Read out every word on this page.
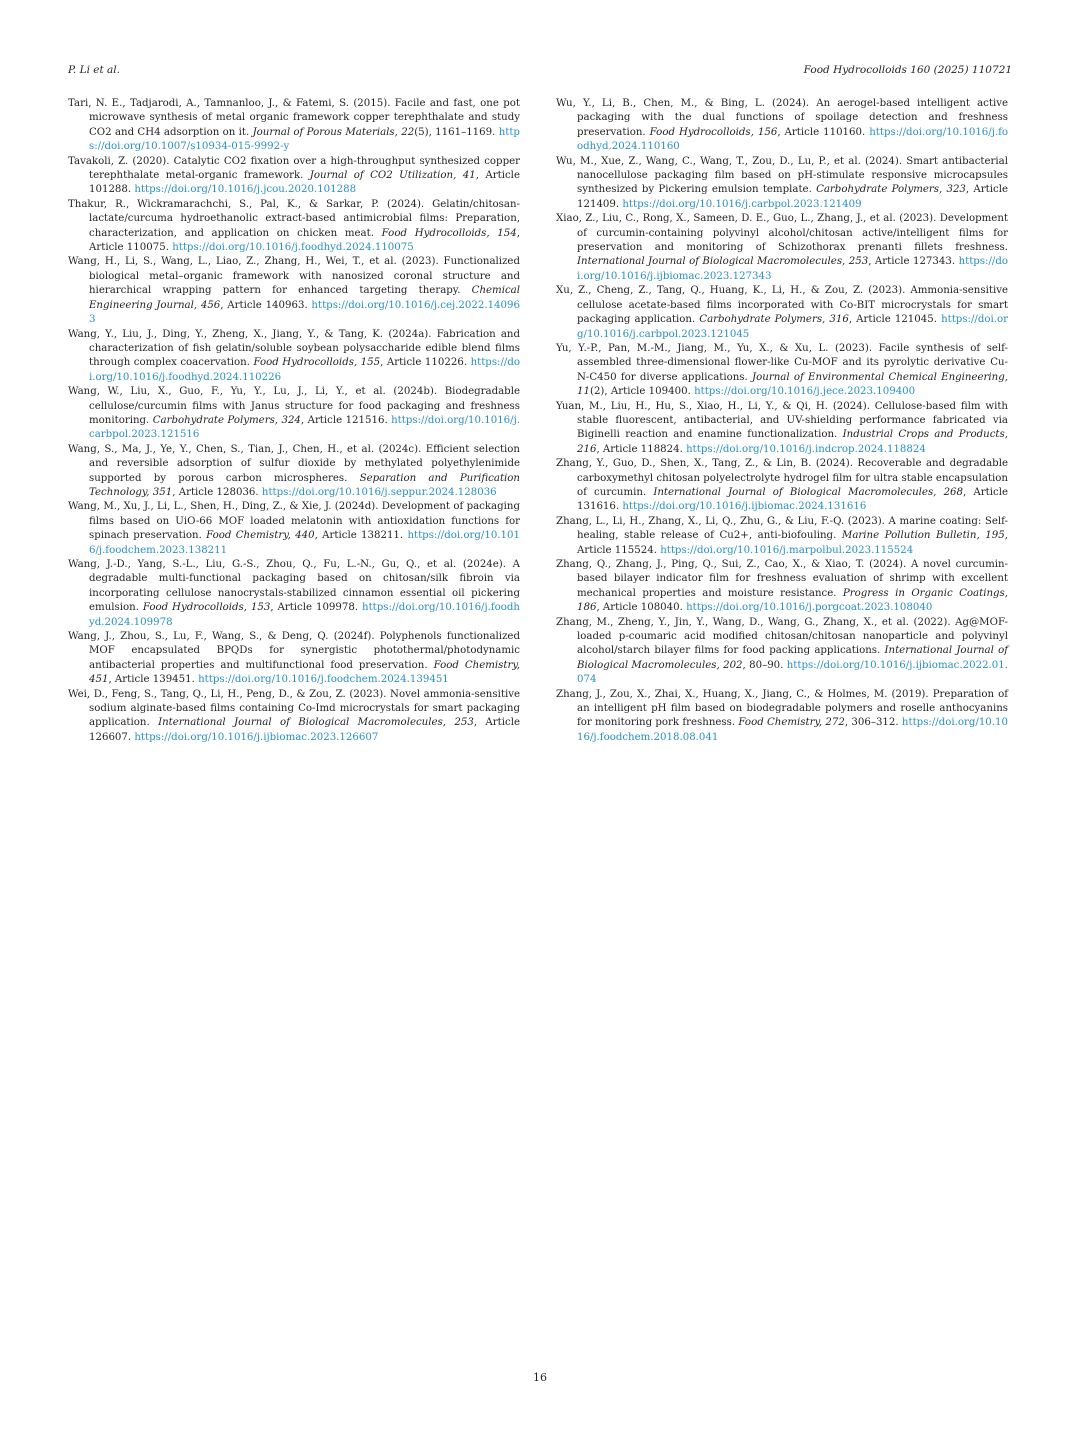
P. Li et al.	Food Hydrocolloids 160 (2025) 110721
Tari, N. E., Tadjarodi, A., Tamnanloo, J., & Fatemi, S. (2015). Facile and fast, one pot microwave synthesis of metal organic framework copper terephthalate and study CO2 and CH4 adsorption on it. Journal of Porous Materials, 22(5), 1161–1169. https://doi.org/10.1007/s10934-015-9992-y
Tavakoli, Z. (2020). Catalytic CO2 fixation over a high-throughput synthesized copper terephthalate metal-organic framework. Journal of CO2 Utilization, 41, Article 101288. https://doi.org/10.1016/j.jcou.2020.101288
Thakur, R., Wickramarachchi, S., Pal, K., & Sarkar, P. (2024). Gelatin/chitosan-lactate/curcuma hydroethanolic extract-based antimicrobial films: Preparation, characterization, and application on chicken meat. Food Hydrocolloids, 154, Article 110075. https://doi.org/10.1016/j.foodhyd.2024.110075
Wang, H., Li, S., Wang, L., Liao, Z., Zhang, H., Wei, T., et al. (2023). Functionalized biological metal–organic framework with nanosized coronal structure and hierarchical wrapping pattern for enhanced targeting therapy. Chemical Engineering Journal, 456, Article 140963. https://doi.org/10.1016/j.cej.2022.140963
Wang, Y., Liu, J., Ding, Y., Zheng, X., Jiang, Y., & Tang, K. (2024a). Fabrication and characterization of fish gelatin/soluble soybean polysaccharide edible blend films through complex coacervation. Food Hydrocolloids, 155, Article 110226. https://doi.org/10.1016/j.foodhyd.2024.110226
Wang, W., Liu, X., Guo, F., Yu, Y., Lu, J., Li, Y., et al. (2024b). Biodegradable cellulose/curcumin films with Janus structure for food packaging and freshness monitoring. Carbohydrate Polymers, 324, Article 121516. https://doi.org/10.1016/j.carbpol.2023.121516
Wang, S., Ma, J., Ye, Y., Chen, S., Tian, J., Chen, H., et al. (2024c). Efficient selection and reversible adsorption of sulfur dioxide by methylated polyethylenimide supported by porous carbon microspheres. Separation and Purification Technology, 351, Article 128036. https://doi.org/10.1016/j.seppur.2024.128036
Wang, M., Xu, J., Li, L., Shen, H., Ding, Z., & Xie, J. (2024d). Development of packaging films based on UiO-66 MOF loaded melatonin with antioxidation functions for spinach preservation. Food Chemistry, 440, Article 138211. https://doi.org/10.1016/j.foodchem.2023.138211
Wang, J.-D., Yang, S.-L., Liu, G.-S., Zhou, Q., Fu, L.-N., Gu, Q., et al. (2024e). A degradable multi-functional packaging based on chitosan/silk fibroin via incorporating cellulose nanocrystals-stabilized cinnamon essential oil pickering emulsion. Food Hydrocolloids, 153, Article 109978. https://doi.org/10.1016/j.foodhyd.2024.109978
Wang, J., Zhou, S., Lu, F., Wang, S., & Deng, Q. (2024f). Polyphenols functionalized MOF encapsulated BPQDs for synergistic photothermal/photodynamic antibacterial properties and multifunctional food preservation. Food Chemistry, 451, Article 139451. https://doi.org/10.1016/j.foodchem.2024.139451
Wei, D., Feng, S., Tang, Q., Li, H., Peng, D., & Zou, Z. (2023). Novel ammonia-sensitive sodium alginate-based films containing Co-Imd microcrystals for smart packaging application. International Journal of Biological Macromolecules, 253, Article 126607. https://doi.org/10.1016/j.ijbiomac.2023.126607
Wu, Y., Li, B., Chen, M., & Bing, L. (2024). An aerogel-based intelligent active packaging with the dual functions of spoilage detection and freshness preservation. Food Hydrocolloids, 156, Article 110160. https://doi.org/10.1016/j.foodhyd.2024.110160
Wu, M., Xue, Z., Wang, C., Wang, T., Zou, D., Lu, P., et al. (2024). Smart antibacterial nanocellulose packaging film based on pH-stimulate responsive microcapsules synthesized by Pickering emulsion template. Carbohydrate Polymers, 323, Article 121409. https://doi.org/10.1016/j.carbpol.2023.121409
Xiao, Z., Liu, C., Rong, X., Sameen, D. E., Guo, L., Zhang, J., et al. (2023). Development of curcumin-containing polyvinyl alcohol/chitosan active/intelligent films for preservation and monitoring of Schizothorax prenanti fillets freshness. International Journal of Biological Macromolecules, 253, Article 127343. https://doi.org/10.1016/j.ijbiomac.2023.127343
Xu, Z., Cheng, Z., Tang, Q., Huang, K., Li, H., & Zou, Z. (2023). Ammonia-sensitive cellulose acetate-based films incorporated with Co-BIT microcrystals for smart packaging application. Carbohydrate Polymers, 316, Article 121045. https://doi.org/10.1016/j.carbpol.2023.121045
Yu, Y.-P., Pan, M.-M., Jiang, M., Yu, X., & Xu, L. (2023). Facile synthesis of self-assembled three-dimensional flower-like Cu-MOF and its pyrolytic derivative Cu-N-C450 for diverse applications. Journal of Environmental Chemical Engineering, 11(2), Article 109400. https://doi.org/10.1016/j.jece.2023.109400
Yuan, M., Liu, H., Hu, S., Xiao, H., Li, Y., & Qi, H. (2024). Cellulose-based film with stable fluorescent, antibacterial, and UV-shielding performance fabricated via Biginelli reaction and enamine functionalization. Industrial Crops and Products, 216, Article 118824. https://doi.org/10.1016/j.indcrop.2024.118824
Zhang, Y., Guo, D., Shen, X., Tang, Z., & Lin, B. (2024). Recoverable and degradable carboxymethyl chitosan polyelectrolyte hydrogel film for ultra stable encapsulation of curcumin. International Journal of Biological Macromolecules, 268, Article 131616. https://doi.org/10.1016/j.ijbiomac.2024.131616
Zhang, L., Li, H., Zhang, X., Li, Q., Zhu, G., & Liu, F.-Q. (2023). A marine coating: Self-healing, stable release of Cu2+, anti-biofouling. Marine Pollution Bulletin, 195, Article 115524. https://doi.org/10.1016/j.marpolbul.2023.115524
Zhang, Q., Zhang, J., Ping, Q., Sui, Z., Cao, X., & Xiao, T. (2024). A novel curcumin-based bilayer indicator film for freshness evaluation of shrimp with excellent mechanical properties and moisture resistance. Progress in Organic Coatings, 186, Article 108040. https://doi.org/10.1016/j.porgcoat.2023.108040
Zhang, M., Zheng, Y., Jin, Y., Wang, D., Wang, G., Zhang, X., et al. (2022). Ag@MOF-loaded p-coumaric acid modified chitosan/chitosan nanoparticle and polyvinyl alcohol/starch bilayer films for food packing applications. International Journal of Biological Macromolecules, 202, 80–90. https://doi.org/10.1016/j.ijbiomac.2022.01.074
Zhang, J., Zou, X., Zhai, X., Huang, X., Jiang, C., & Holmes, M. (2019). Preparation of an intelligent pH film based on biodegradable polymers and roselle anthocyanins for monitoring pork freshness. Food Chemistry, 272, 306–312. https://doi.org/10.1016/j.foodchem.2018.08.041
16
